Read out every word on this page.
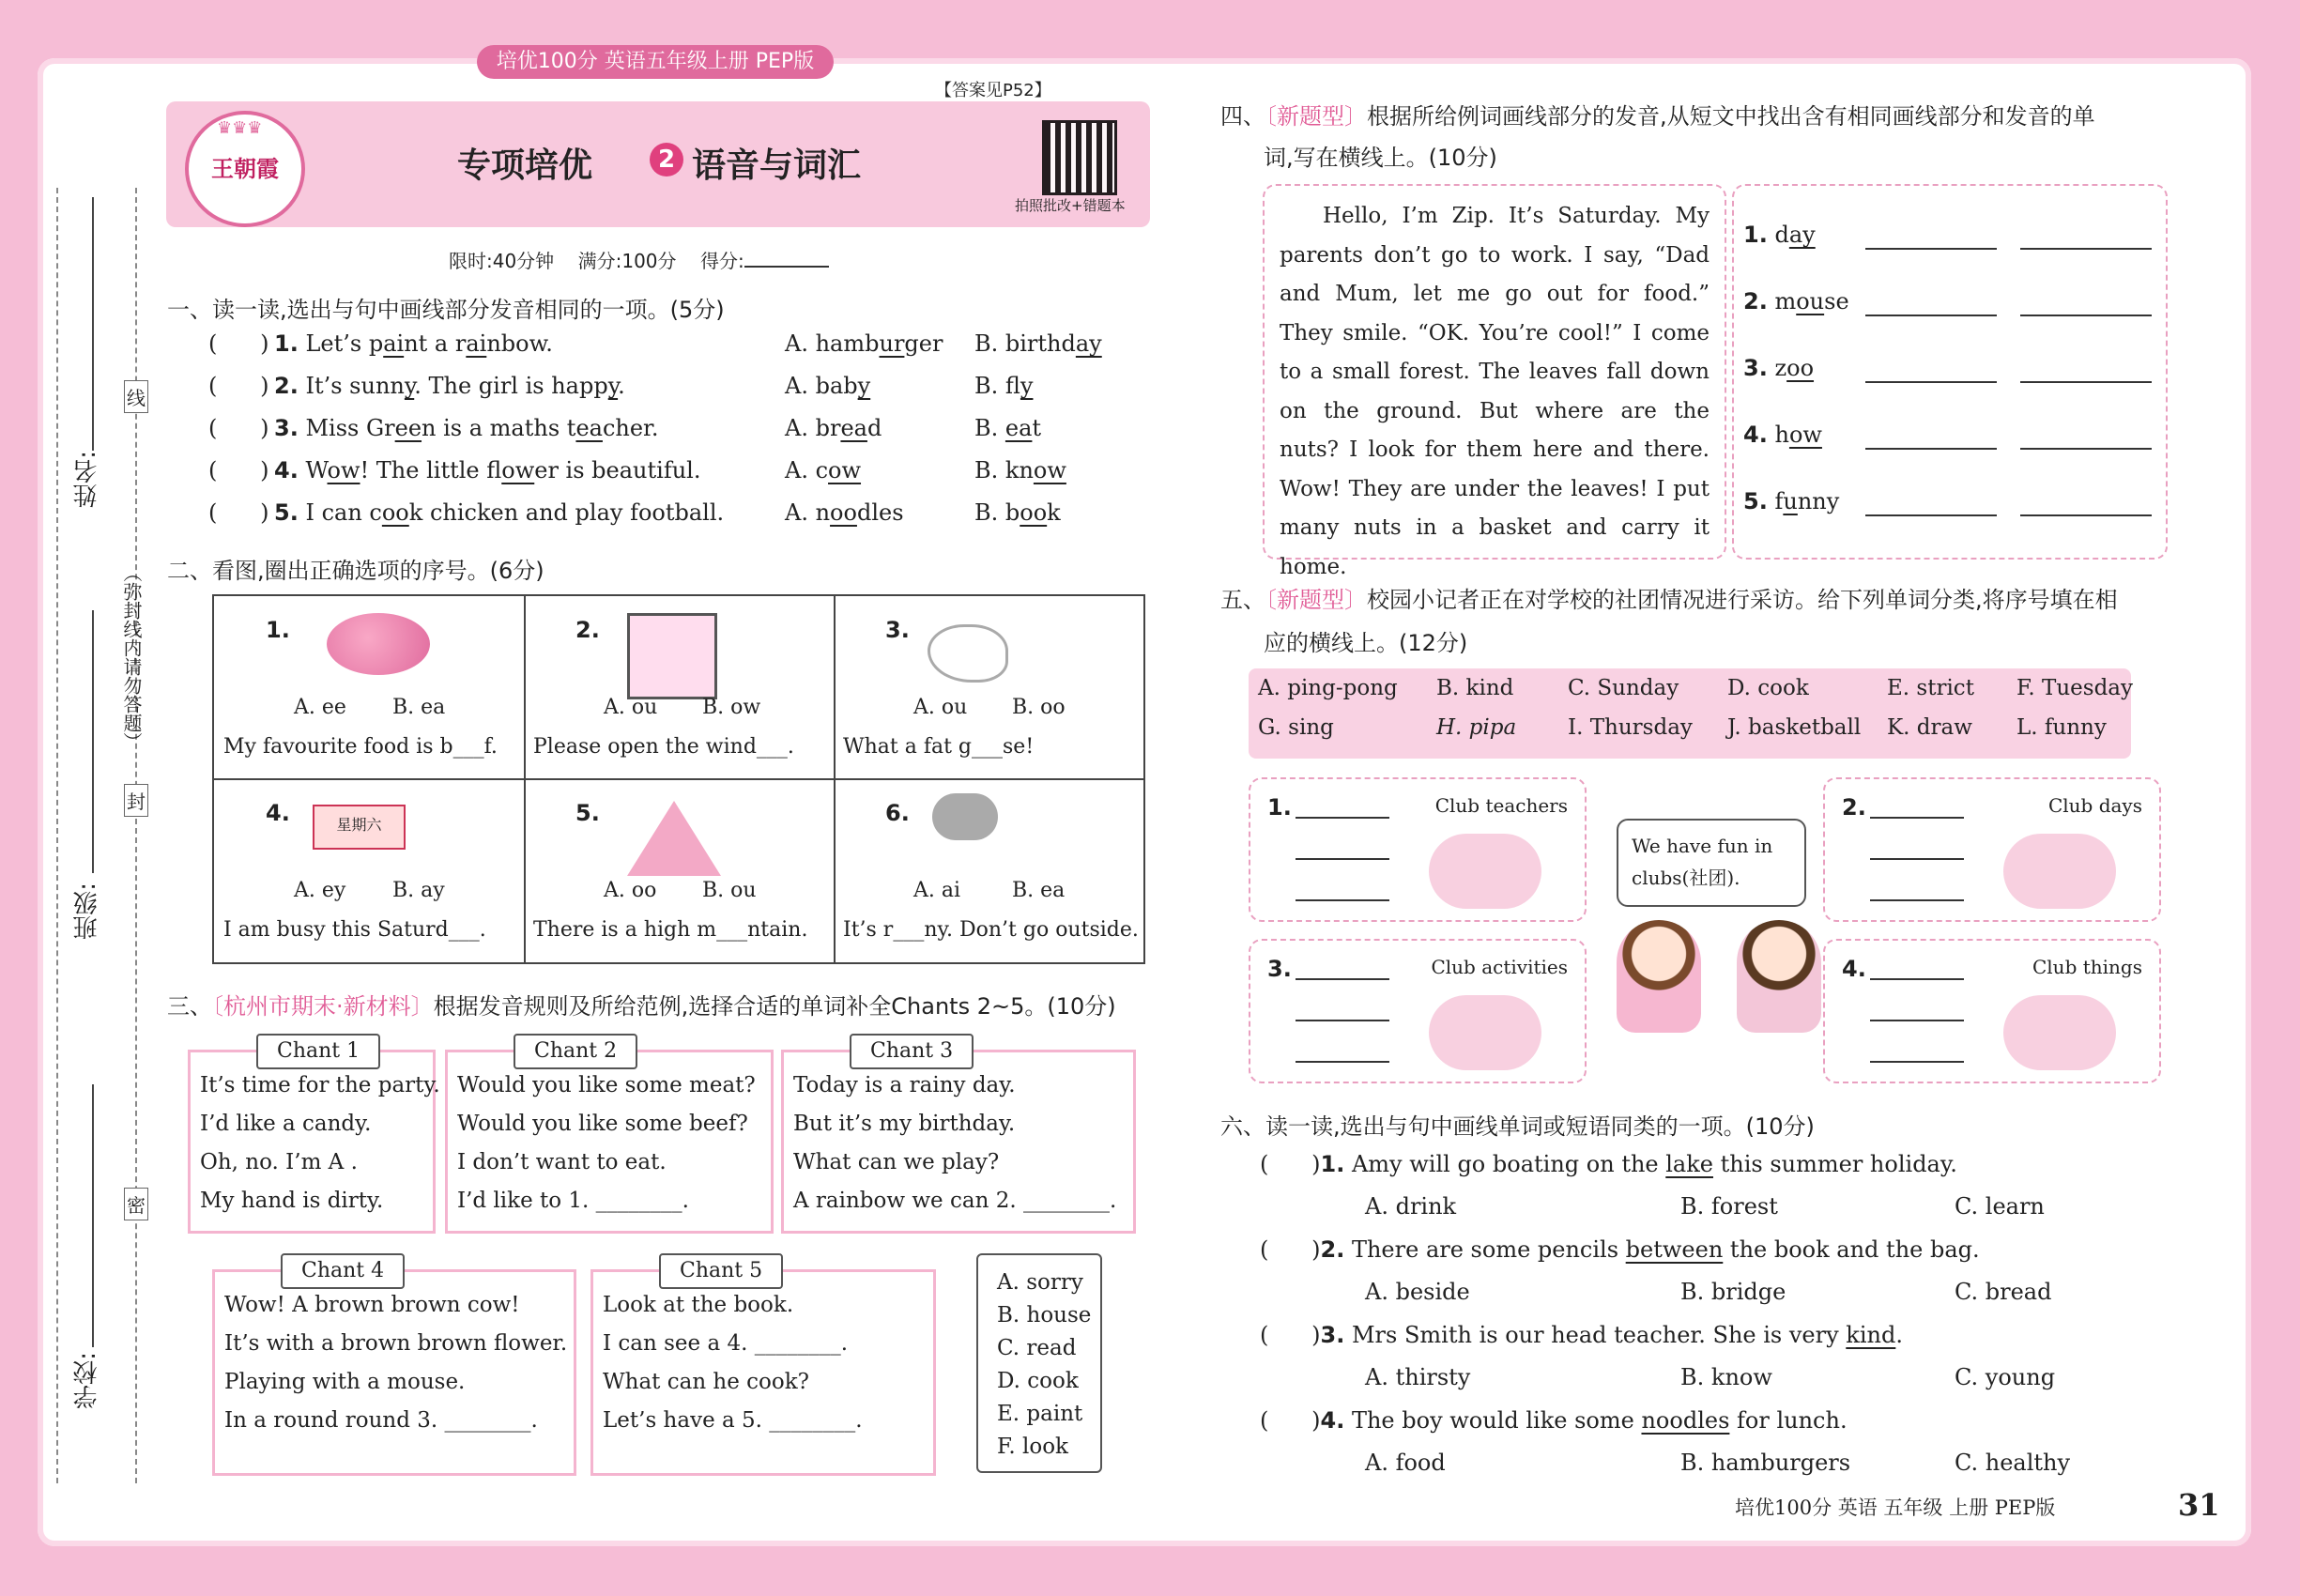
培优100分 英语五年级上册 PEP版
姓名:
线
（弥封线内请勿答题）
封
班级:
密
学校:
【答案见P52】
王朝霞
♛♛♛
专项培优	2 语音与词汇
拍照批改+错题本
限时:40分钟 满分:100分 得分:
一、读一读,选出与句中画线部分发音相同的一项。(5分)
(      ) 1. Let’s paint a rainbow.	A. hamburger B. birthday
(      ) 2. It’s sunny. The girl is happy.	A. baby	B. fly
(      ) 3. Miss Green is a maths teacher.	A. bread	B. eat
(      ) 4. Wow! The little flower is beautiful.	A. cow	B. know
(      ) 5. I can cook chicken and play football.	A. noodles	B. book
二、看图,圈出正确选项的序号。(6分)
星期六
1.
A. ee B. ea
My favourite food is b___f.
2.
A. ou B. ow
Please open the wind___.
3.
A. ou B. oo
What a fat g___se!
4.
A. ey B. ay
I am busy this Saturd___.
5.
A. oo B. ou
There is a high m___ntain.
6.
A. ai B. ea
It’s r___ny. Don’t go outside.
三、〔杭州市期末·新材料〕根据发音规则及所给范例,选择合适的单词补全Chants 2~5。(10分)
Chant 1
It’s time for the party.
I’d like a candy.
Oh, no. I’m A .
My hand is dirty.
Chant 2
Would you like some meat?
Would you like some beef?
I don’t want to eat.
I’d like to 1. ________.
Chant 3
Today is a rainy day.
But it’s my birthday.
What can we play?
A rainbow we can 2. ________.
Chant 4
Wow! A brown brown cow!
It’s with a brown brown flower.
Playing with a mouse.
In a round round 3. ________.
Chant 5
Look at the book.
I can see a 4. ________.
What can he cook?
Let’s have a 5. ________.
A. sorry
B. house
C. read
D. cook
E. paint
F. look
四、〔新题型〕根据所给例词画线部分的发音,从短文中找出含有相同画线部分和发音的单
词,写在横线上。(10分)
Hello, I’m Zip. It’s Saturday. My parents don’t go to work. I say, “Dad and Mum, let me go out for food.” They smile. “OK. You’re cool!” I come to a small forest. The leaves fall down on the ground. But where are the nuts? I look for them here and there. Wow! They are under the leaves! I put many nuts in a basket and carry it home.
1. day
2. mouse
3. zoo
4. how
5. funny
五、〔新题型〕校园小记者正在对学校的社团情况进行采访。给下列单词分类,将序号填在相
应的横线上。(12分)
A. ping-pong B. kind	C. Sunday D. cook	E. strict F. Tuesday
G. sing	H. pipa I. Thursday J. basketball K. draw L. funny
1.	Club teachers	2.	Club days
3.	Club activities	4.	Club things
We have fun in
clubs(社团).
六、读一读,选出与句中画线单词或短语同类的一项。(10分)
(      )1. Amy will go boating on the lake this summer holiday.
A. drink	B. forest	C. learn
(      )2. There are some pencils between the book and the bag.
A. beside	B. bridge	C. bread
(      )3. Mrs Smith is our head teacher. She is very kind.
A. thirsty	B. know	C. young
(      )4. The boy would like some noodles for lunch.
A. food	B. hamburgers	C. healthy
培优100分 英语 五年级 上册 PEP版	31
